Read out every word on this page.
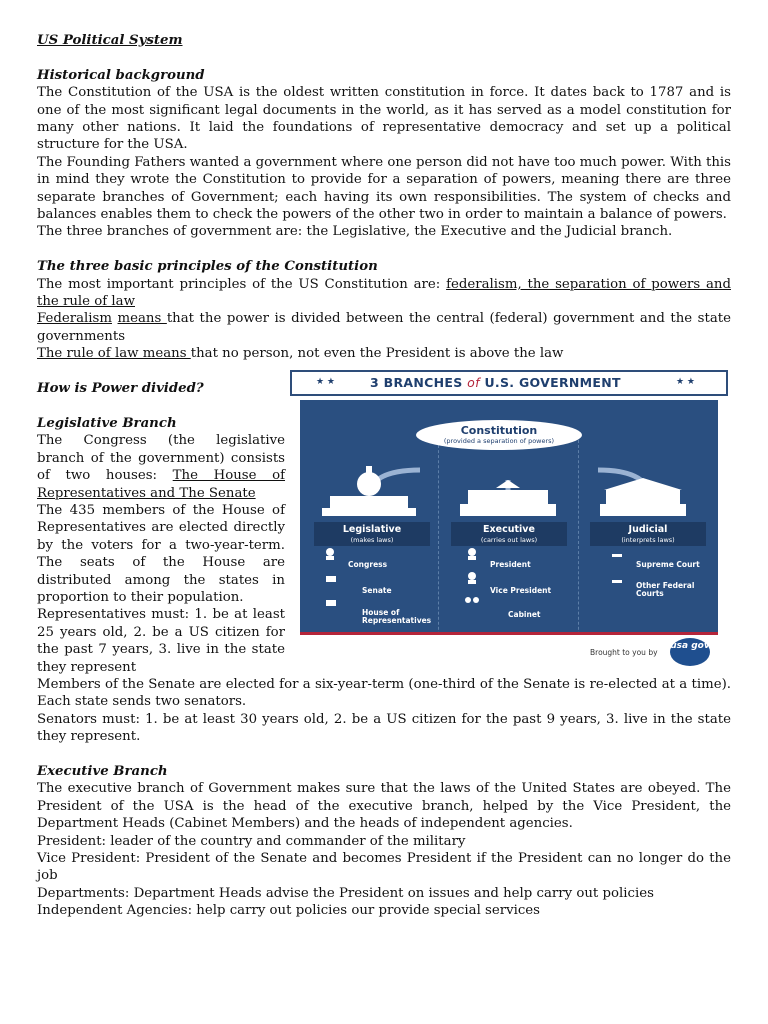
US Political System

Historical background

The Constitution of the USA is the oldest written constitution in force. It dates back to 1787 and is one of the most significant legal documents in the world, as it has served as a model constitution for many other nations. It laid the foundations of representative democracy and set up a political structure for the USA.

The Founding Fathers wanted a government where one person did not have too much power. With this in mind they wrote the Constitution to provide for a separation of powers, meaning there are three separate branches of Government; each having its own responsibilities. The system of checks and balances enables them to check the powers of the other two in order to maintain a balance of powers.

The three branches of government are: the Legislative, the Executive and the Judicial branch.

The three basic principles of the Constitution

The most important principles of the US Constitution are: federalism, the separation of powers and the rule of law

Federalism means that the power is divided between the central (federal) government and the state governments

The rule of law means that no person, not even the President is above the law

How is Power divided?

Legislative Branch

The Congress (the legislative branch of the government) consists of two houses: The House of Representatives and The Senate

The 435 members of the House of Representatives are elected directly by the voters for a two-year-term. The seats of the House are distributed among the states in proportion to their population.

Representatives must: 1. be at least 25 years old, 2. be a US citizen for the past 7 years, 3. live in the state they represent

Members of the Senate are elected for a six-year-term (one-third of the Senate is re-elected at a time). Each state sends two senators.

Senators must: 1. be at least 30 years old, 2. be a US citizen for the past 9 years, 3. live in the state they represent.

Executive Branch

The executive branch of Government makes sure that the laws of the United States are obeyed. The President of the USA is the head of the executive branch, helped by the Vice President, the Department Heads (Cabinet Members) and the heads of independent agencies.

President: leader of the country and commander of the military

Vice President: President of the Senate and becomes President if the President can no longer do the job

Departments: Department Heads advise the President on issues and help carry out policies

Independent Agencies: help carry out policies our provide special services

★ ★	3 BRANCHES of U.S. GOVERNMENT	★ ★
Constitution
(provided a separation of powers)
Legislative
(makes laws)
Executive
(carries out laws)
Judicial
(interprets laws)
Congress
Senate
House of Representatives
President
Vice President
Cabinet
Supreme Court
Other Federal Courts
Brought to you by
usa gov
